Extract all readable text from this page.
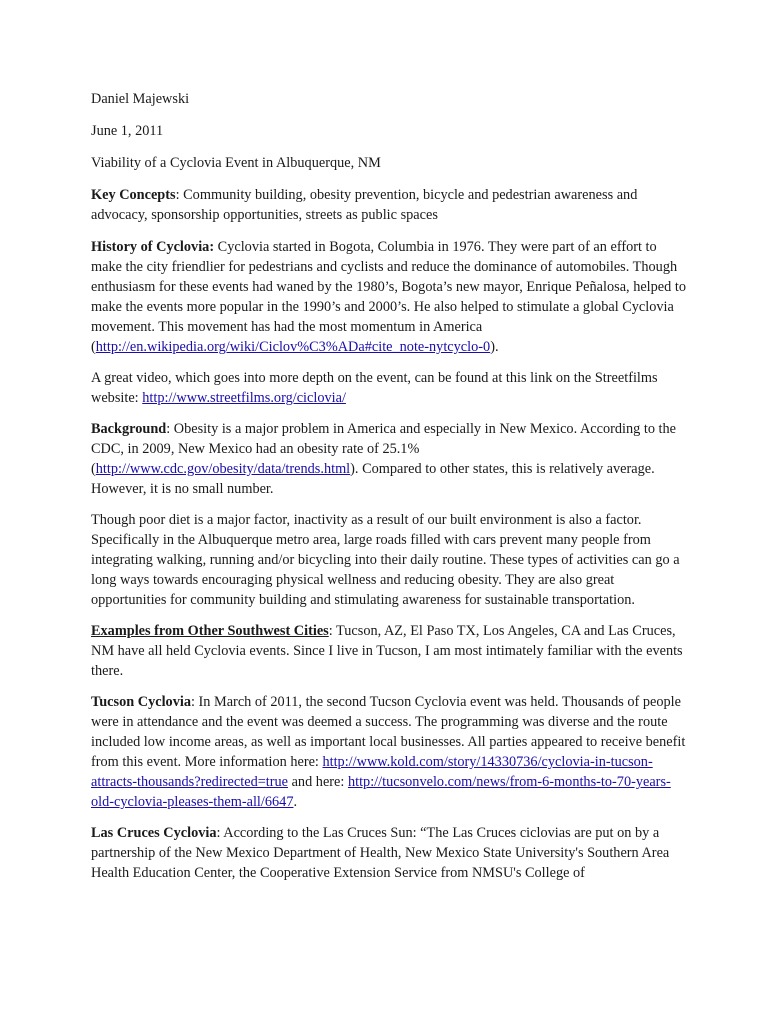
Daniel Majewski

June 1, 2011

Viability of a Cyclovia Event in Albuquerque, NM

Key Concepts: Community building, obesity prevention, bicycle and pedestrian awareness and advocacy, sponsorship opportunities, streets as public spaces

History of Cyclovia: Cyclovia started in Bogota, Columbia in 1976. They were part of an effort to make the city friendlier for pedestrians and cyclists and reduce the dominance of automobiles. Though enthusiasm for these events had waned by the 1980’s, Bogota’s new mayor, Enrique Peñalosa, helped to make the events more popular in the 1990’s and 2000’s. He also helped to stimulate a global Cyclovia movement. This movement has had the most momentum in America (http://en.wikipedia.org/wiki/Ciclov%C3%ADa#cite_note-nytcyclo-0).

A great video, which goes into more depth on the event, can be found at this link on the Streetfilms website: http://www.streetfilms.org/ciclovia/

Background: Obesity is a major problem in America and especially in New Mexico. According to the CDC, in 2009, New Mexico had an obesity rate of 25.1% (http://www.cdc.gov/obesity/data/trends.html). Compared to other states, this is relatively average. However, it is no small number.

Though poor diet is a major factor, inactivity as a result of our built environment is also a factor. Specifically in the Albuquerque metro area, large roads filled with cars prevent many people from integrating walking, running and/or bicycling into their daily routine. These types of activities can go a long ways towards encouraging physical wellness and reducing obesity. They are also great opportunities for community building and stimulating awareness for sustainable transportation.

Examples from Other Southwest Cities: Tucson, AZ, El Paso TX, Los Angeles, CA and Las Cruces, NM have all held Cyclovia events. Since I live in Tucson, I am most intimately familiar with the events there.

Tucson Cyclovia: In March of 2011, the second Tucson Cyclovia event was held. Thousands of people were in attendance and the event was deemed a success. The programming was diverse and the route included low income areas, as well as important local businesses. All parties appeared to receive benefit from this event. More information here: http://www.kold.com/story/14330736/cyclovia-in-tucson-attracts-thousands?redirected=true and here: http://tucsonvelo.com/news/from-6-months-to-70-years-old-cyclovia-pleases-them-all/6647.

Las Cruces Cyclovia: According to the Las Cruces Sun: “The Las Cruces ciclovias are put on by a partnership of the New Mexico Department of Health, New Mexico State University's Southern Area Health Education Center, the Cooperative Extension Service from NMSU's College of
